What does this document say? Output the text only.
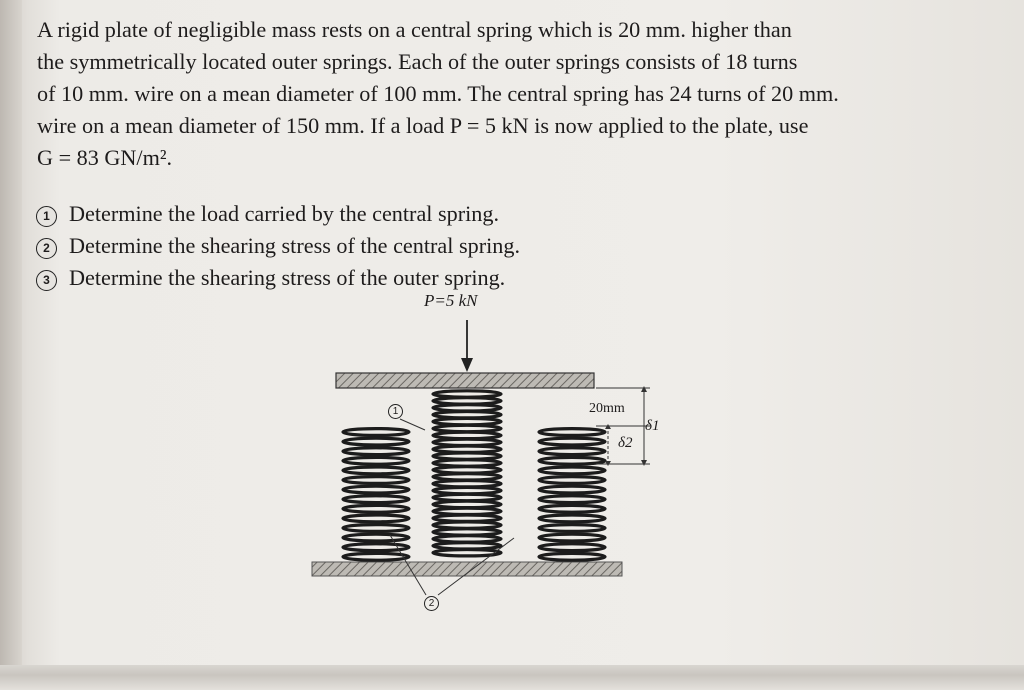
A rigid plate of negligible mass rests on a central spring which is 20 mm. higher than
the symmetrically located outer springs. Each of the outer springs consists of 18 turns
of 10 mm. wire on a mean diameter of 100 mm. The central spring has 24 turns of 20 mm.
wire on a mean diameter of 150 mm. If a load P = 5 kN is now applied to the plate, use
G = 83 GN/m².

1 Determine the load carried by the central spring.
2 Determine the shearing stress of the central spring.
3 Determine the shearing stress of the outer spring.
P=5 kN
20mm
δ1
δ2
1
2
